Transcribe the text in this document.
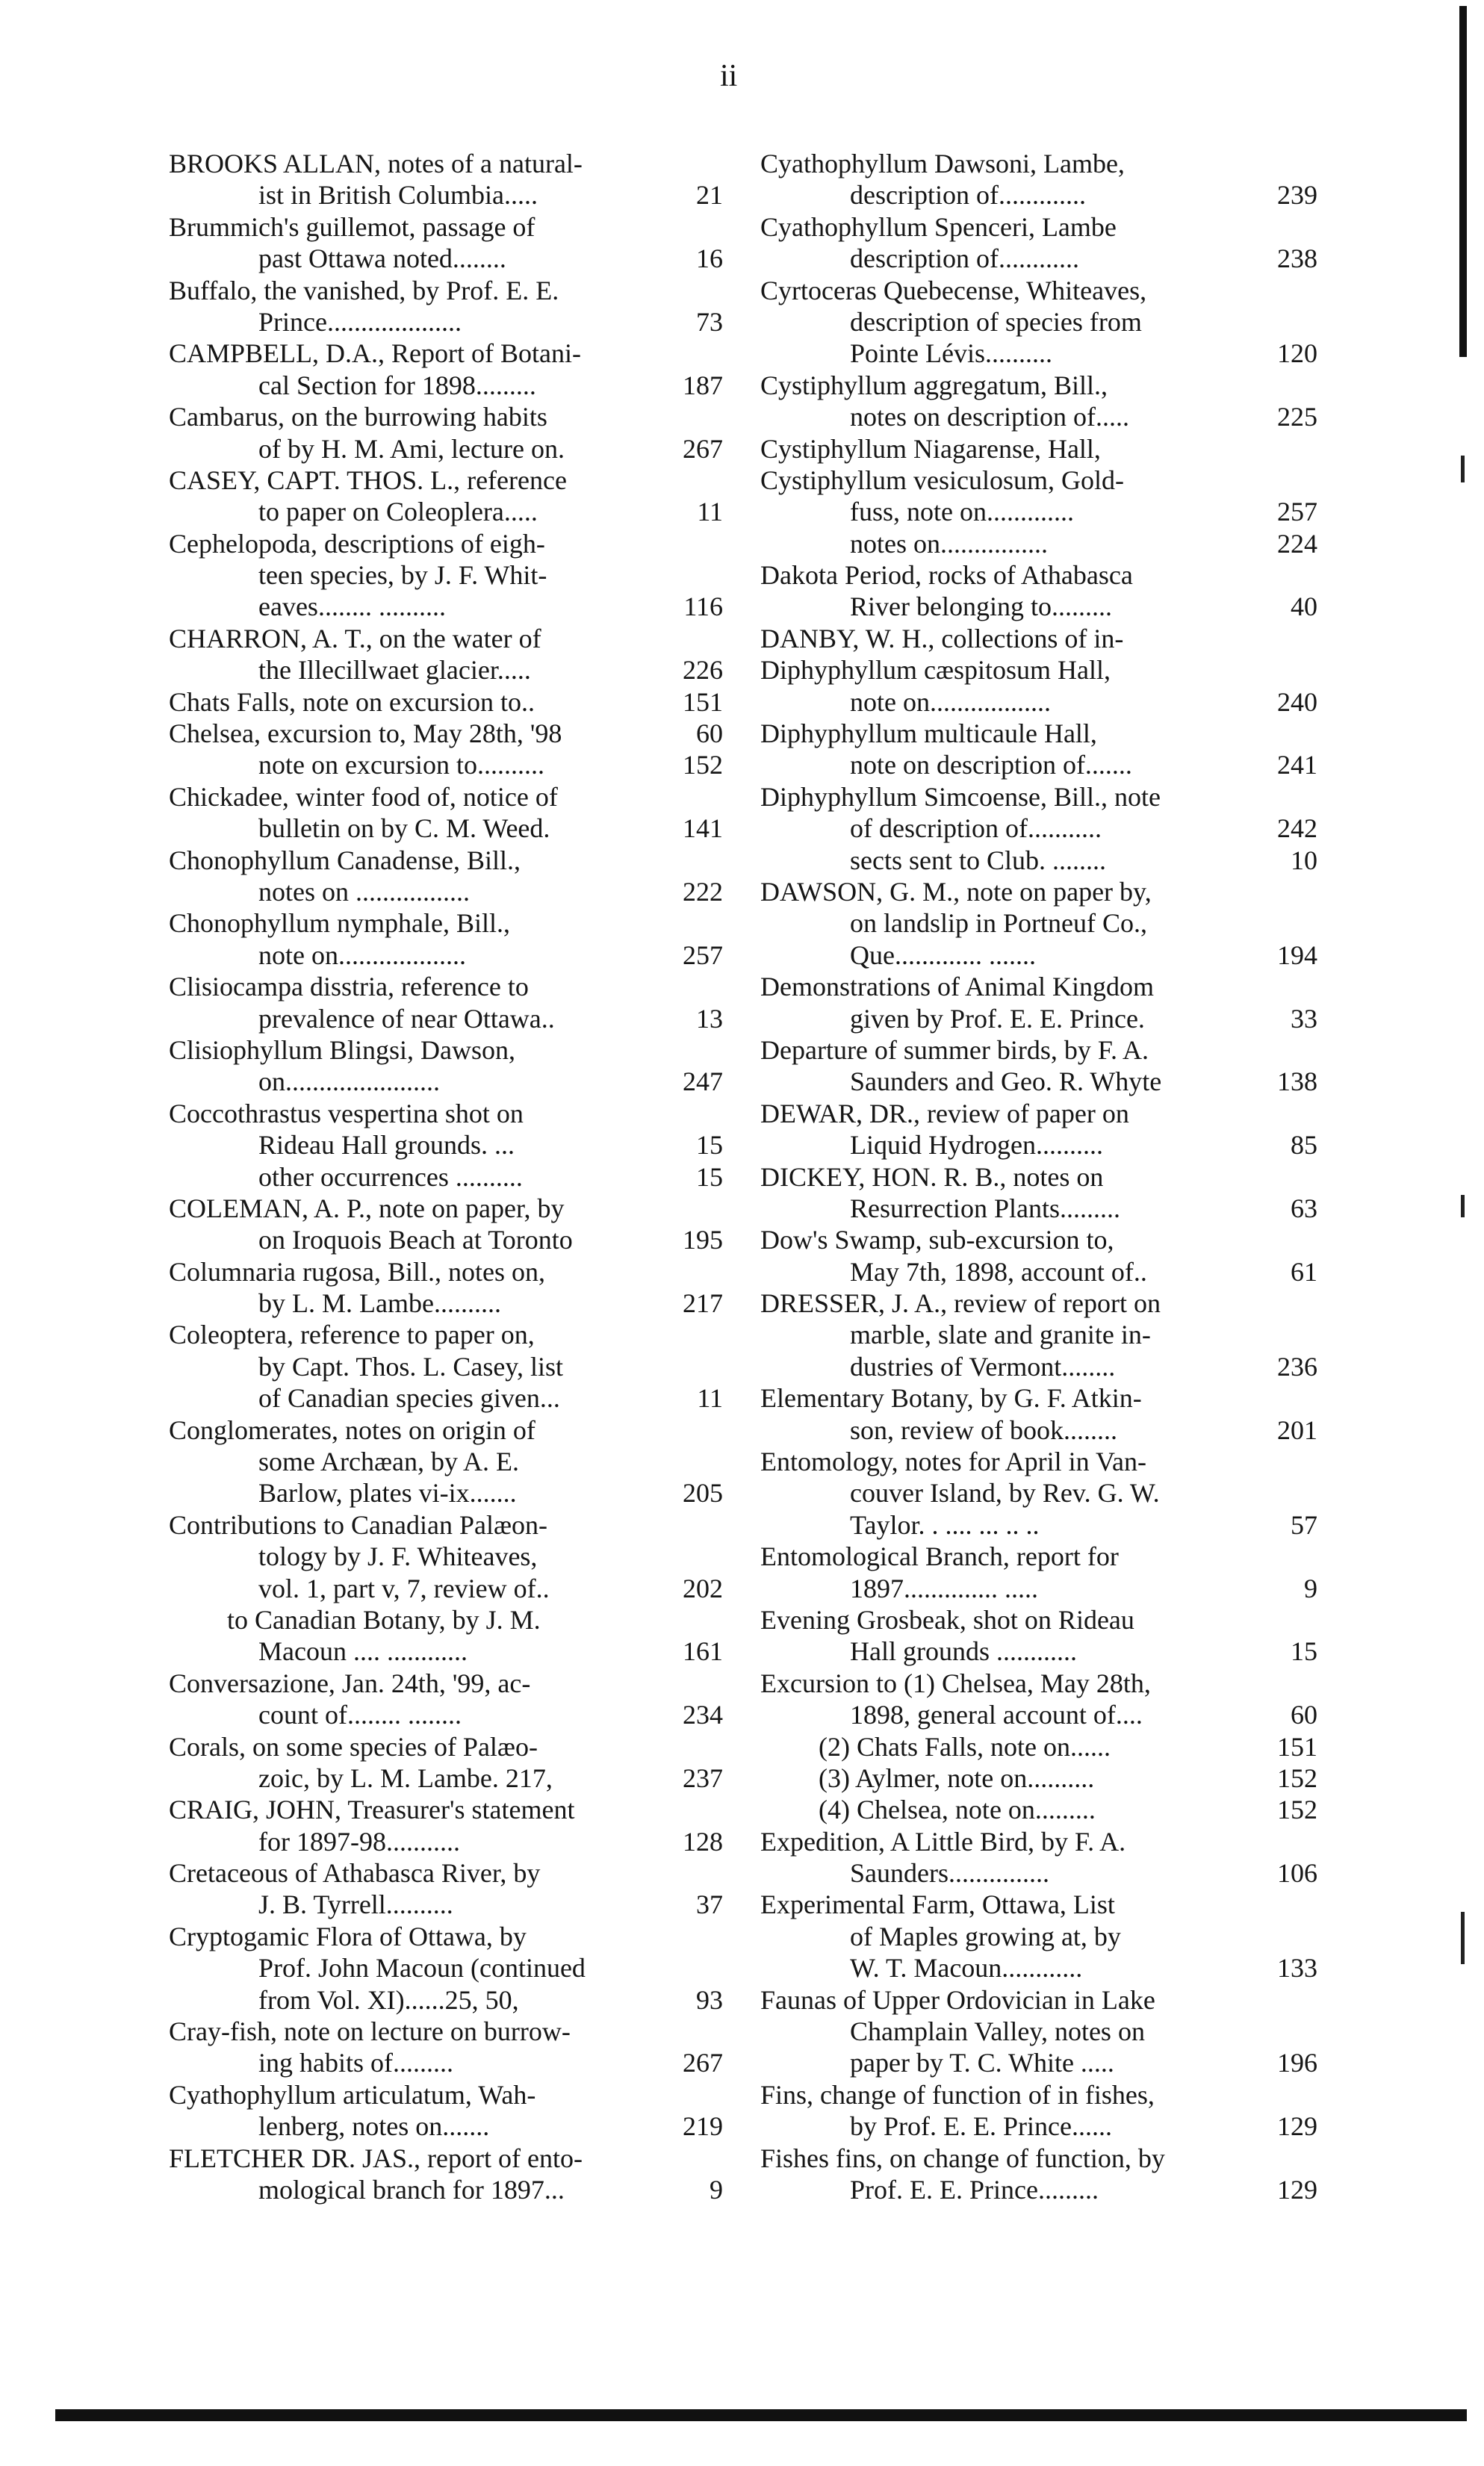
ii
BROOKS ALLAN, notes of a natural-
ist in British Columbia.....	21
Brummich's guillemot, passage of
past Ottawa noted........	16
Buffalo, the vanished, by Prof. E. E.
Prince....................	73
CAMPBELL, D.A., Report of Botani-
cal Section for 1898.........	187
Cambarus, on the burrowing habits
of by H. M. Ami, lecture on.	267
CASEY, CAPT. THOS. L., reference
to paper on Coleoplera.....	11
Cephelopoda, descriptions of eigh-
teen species, by J. F. Whit-
eaves........ ..........	116
CHARRON, A. T., on the water of
the Illecillwaet glacier.....	226
Chats Falls, note on excursion to..	151
Chelsea, excursion to, May 28th, '98	60
note on excursion to..........	152
Chickadee, winter food of, notice of
bulletin on by C. M. Weed.	141
Chonophyllum Canadense, Bill.,
notes on .................	222
Chonophyllum nymphale, Bill.,
note on...................	257
Clisiocampa disstria, reference to
prevalence of near Ottawa..	13
Clisiophyllum Blingsi, Dawson,
on.......................	247
Coccothrastus vespertina shot on
Rideau Hall grounds. ...	15
other occurrences ..........	15
COLEMAN, A. P., note on paper, by
on Iroquois Beach at Toronto	195
Columnaria rugosa, Bill., notes on,
by L. M. Lambe..........	217
Coleoptera, reference to paper on,
by Capt. Thos. L. Casey, list
of Canadian species given...	11
Conglomerates, notes on origin of
some Archæan, by A. E.
Barlow, plates vi-ix.......	205
Contributions to Canadian Palæon-
tology by J. F. Whiteaves,
vol. 1, part v, 7, review of..	202
to Canadian Botany, by J. M.
Macoun .... ............	161
Conversazione, Jan. 24th, '99, ac-
count of........ ........	234
Corals, on some species of Palæo-
zoic, by L. M. Lambe. 217,	237
CRAIG, JOHN, Treasurer's statement
for 1897-98...........	128
Cretaceous of Athabasca River, by
J. B. Tyrrell..........	37
Cryptogamic Flora of Ottawa, by
Prof. John Macoun (continued
from Vol. XI)......25, 50,	93
Cray-fish, note on lecture on burrow-
ing habits of.........	267
Cyathophyllum articulatum, Wah-
lenberg, notes on.......	219
FLETCHER DR. JAS., report of ento-
mological branch for 1897...	9
Cyathophyllum Dawsoni, Lambe,
description of.............	239
Cyathophyllum Spenceri, Lambe
description of............	238
Cyrtoceras Quebecense, Whiteaves,
description of species from
Pointe Lévis..........	120
Cystiphyllum aggregatum, Bill.,
notes on description of.....	225
Cystiphyllum Niagarense, Hall,
Cystiphyllum vesiculosum, Gold-
fuss, note on.............	257
notes on................	224
Dakota Period, rocks of Athabasca
River belonging to.........	40
DANBY, W. H., collections of in-
Diphyphyllum cæspitosum Hall,
note on..................	240
Diphyphyllum multicaule Hall,
note on description of.......	241
Diphyphyllum Simcoense, Bill., note
of description of...........	242
sects sent to Club. ........	10
DAWSON, G. M., note on paper by,
on landslip in Portneuf Co.,
Que............. .......	194
Demonstrations of Animal Kingdom
given by Prof. E. E. Prince.	33
Departure of summer birds, by F. A.
Saunders and Geo. R. Whyte	138
DEWAR, DR., review of paper on
Liquid Hydrogen..........	85
DICKEY, HON. R. B., notes on
Resurrection Plants.........	63
Dow's Swamp, sub-excursion to,
May 7th, 1898, account of..	61
DRESSER, J. A., review of report on
marble, slate and granite in-
dustries of Vermont........	236
Elementary Botany, by G. F. Atkin-
son, review of book........	201
Entomology, notes for April in Van-
couver Island, by Rev. G. W.
Taylor. . .... ... .. ..	57
Entomological Branch, report for
1897.............. .....	9
Evening Grosbeak, shot on Rideau
Hall grounds ............	15
Excursion to (1) Chelsea, May 28th,
1898, general account of....	60
(2) Chats Falls, note on......	151
(3) Aylmer, note on..........	152
(4) Chelsea, note on.........	152
Expedition, A Little Bird, by F. A.
Saunders...............	106
Experimental Farm, Ottawa, List
of Maples growing at, by
W. T. Macoun............	133
Faunas of Upper Ordovician in Lake
Champlain Valley, notes on
paper by T. C. White .....	196
Fins, change of function of in fishes,
by Prof. E. E. Prince......	129
Fishes fins, on change of function, by
Prof. E. E. Prince.........	129
